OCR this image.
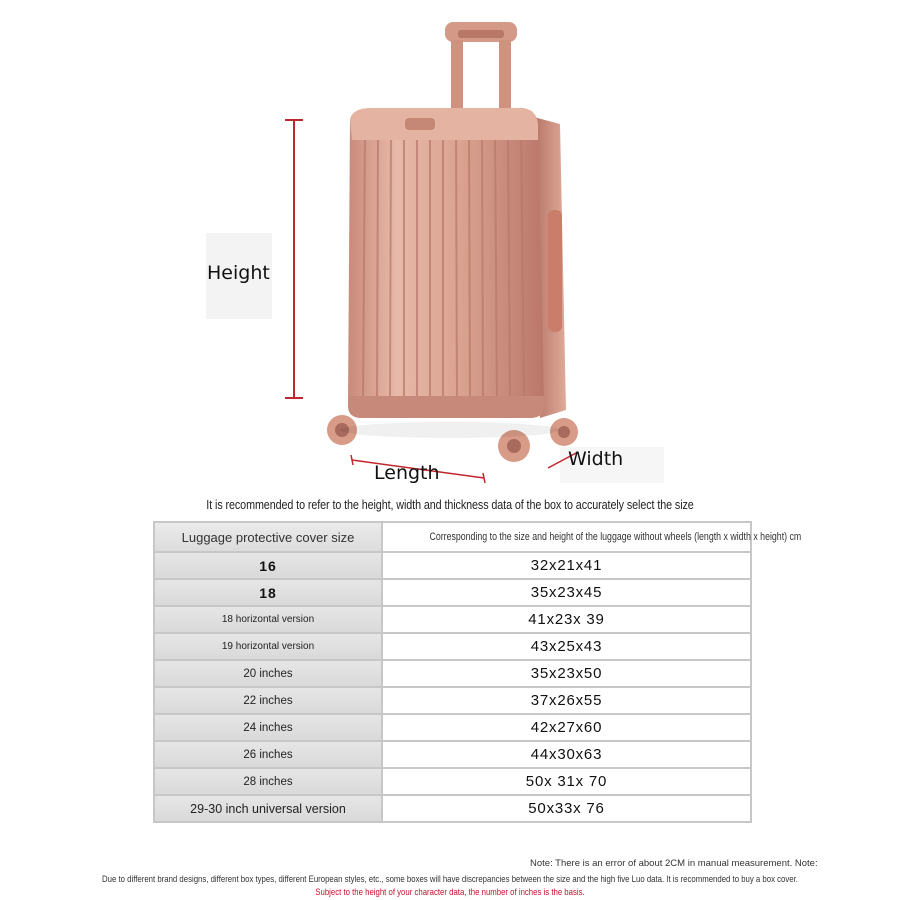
Height
Length
Width
It is recommended to refer to the height, width and thickness data of the box to accurately select the size
Luggage protective cover size	Corresponding to the size and height of the luggage without wheels (length x width x height) cm
16	32x21x41
18	35x23x45
18 horizontal version	41x23x 39
19 horizontal version	43x25x43
20 inches	35x23x50
22 inches	37x26x55
24 inches	42x27x60
26 inches	44x30x63
28 inches	50x 31x 70
29-30 inch universal version	50x33x 76
Note: There is an error of about 2CM in manual measurement. Note:
Due to different brand designs, different box types, different European styles, etc., some boxes will have discrepancies between the size and the high five Luo data. It is recommended to buy a box cover.
Subject to the height of your character data, the number of inches is the basis.
